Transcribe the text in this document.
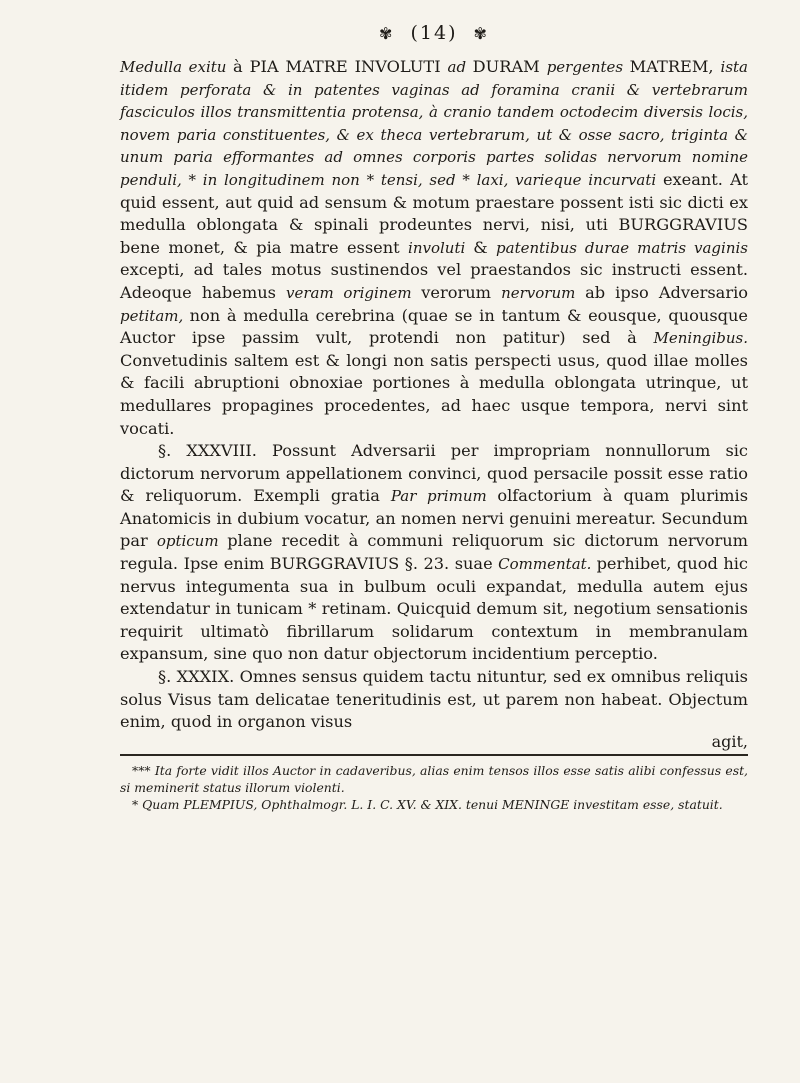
✾ (14) ✾

Medulla exitu à PIA MATRE INVOLUTI ad DURAM pergentes MATREM, ista itidem perforata & in patentes vaginas ad foramina cranii & vertebrarum fasciculos illos transmittentia protensa, à cranio tandem octodecim diversis locis, novem paria constituentes, & ex theca vertebrarum, ut & osse sacro, triginta & unum paria efformantes ad omnes corporis partes solidas nervorum nomine penduli, * in longitudinem non * tensi, sed * laxi, varieque incurvati exeant. At quid essent, aut quid ad sensum & motum praestare possent isti sic dicti ex medulla oblongata & spinali prodeuntes nervi, nisi, uti BURGGRAVIUS bene monet, & pia matre essent involuti & patentibus durae matris vaginis excepti, ad tales motus sustinendos vel praestandos sic instructi essent. Adeoque habemus veram originem verorum nervorum ab ipso Adversario petitam, non à medulla cerebrina (quae se in tantum & eousque, quousque Auctor ipse passim vult, protendi non patitur) sed à Meningibus. Convetudinis saltem est & longi non satis perspecti usus, quod illae molles & facili abruptioni obnoxiae portiones à medulla oblongata utrinque, ut medullares propagines procedentes, ad haec usque tempora, nervi sint vocati.

§. XXXVIII. Possunt Adversarii per impropriam nonnullorum sic dictorum nervorum appellationem convinci, quod persacile possit esse ratio & reliquorum. Exempli gratia Par primum olfactorium à quam plurimis Anatomicis in dubium vocatur, an nomen nervi genuini mereatur. Secundum par opticum plane recedit à communi reliquorum sic dictorum nervorum regula. Ipse enim BURGGRAVIUS §. 23. suae Commentat. perhibet, quod hic nervus integumenta sua in bulbum oculi expandat, medulla autem ejus extendatur in tunicam * retinam. Quicquid demum sit, negotium sensationis requirit ultimatò fibrillarum solidarum contextum in membranulam expansum, sine quo non datur objectorum incidentium perceptio.

§. XXXIX. Omnes sensus quidem tactu nituntur, sed ex omnibus reliquis solus Visus tam delicatae teneritudinis est, ut parem non habeat. Objectum enim, quod in organon visus

agit,

*** Ita forte vidit illos Auctor in cadaveribus, alias enim tensos illos esse satis alibi confessus est, si meminerit status illorum violenti.

* Quam PLEMPIUS, Ophthalmogr. L. I. C. XV. & XIX. tenui MENINGE investitam esse, statuit.
